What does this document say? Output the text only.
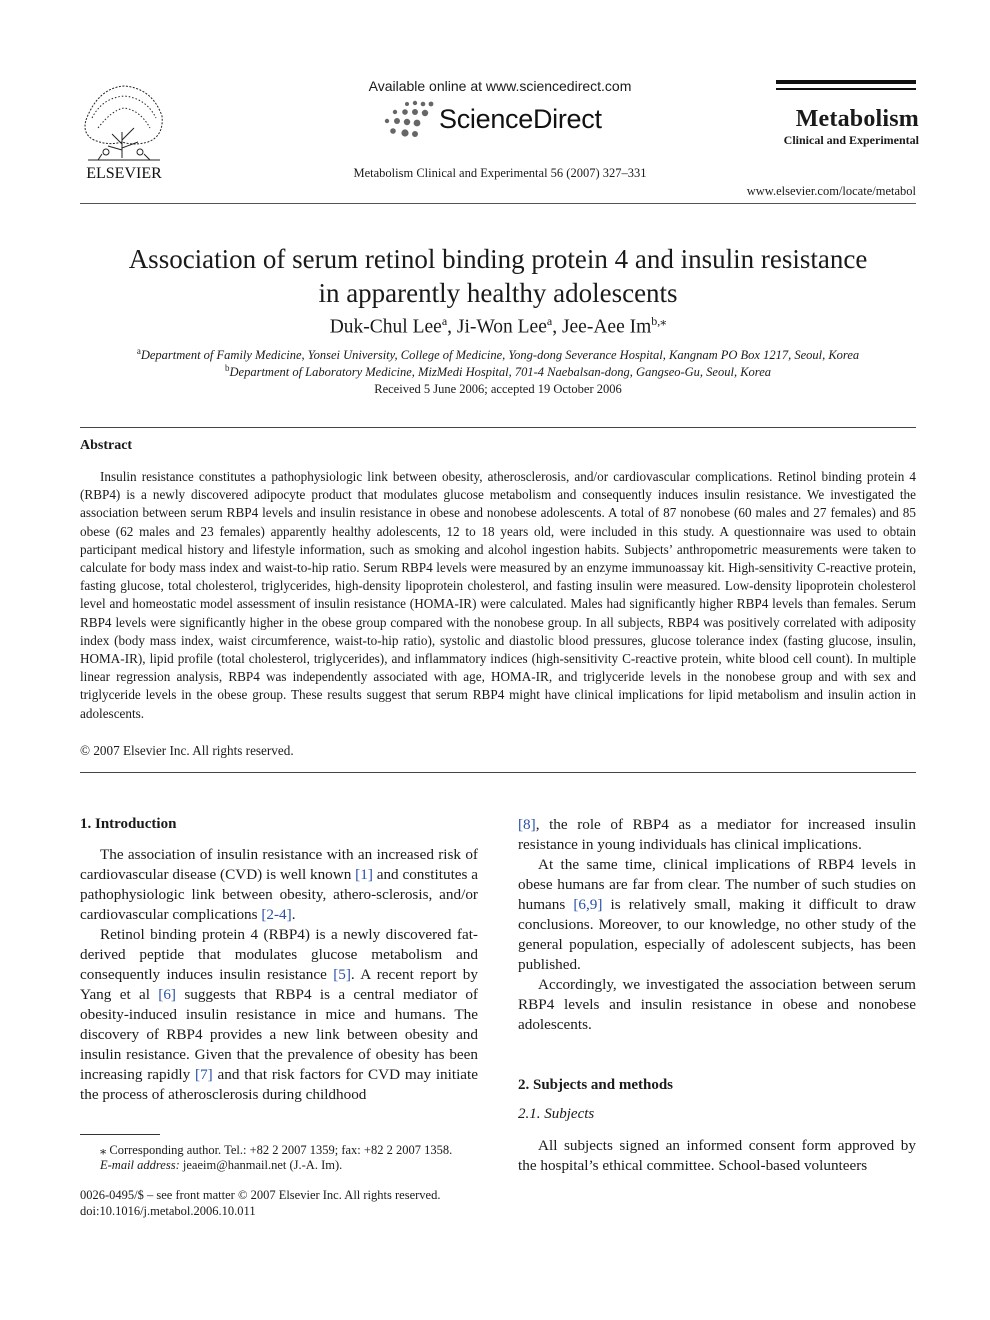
ELSEVIER
Available online at www.sciencedirect.com
ScienceDirect
Metabolism Clinical and Experimental 56 (2007) 327–331
Metabolism
Clinical and Experimental
www.elsevier.com/locate/metabol
Association of serum retinol binding protein 4 and insulin resistance
in apparently healthy adolescents
Duk-Chul Lee$^a$, Ji-Won Lee$^a$, Jee-Aee $Im^{b,⁎}$
$^a$Department of Family Medicine, Yonsei University, College of Medicine, Yong-dong Severance Hospital, Kangnam PO Box 1217, Seoul, Korea
$^b$Department of Laboratory Medicine, MizMedi Hospital, 701-4 Naebalsan-dong, Gangseo-Gu, Seoul, Korea
Received 5 June 2006; accepted 19 October 2006
Abstract

Insulin resistance constitutes a pathophysiologic link between obesity, atherosclerosis, and/or cardiovascular complications. Retinol binding protein 4 (RBP4) is a newly discovered adipocyte product that modulates glucose metabolism and consequently induces insulin resistance. We investigated the association between serum RBP4 levels and insulin resistance in obese and nonobese adolescents. A total of 87 nonobese (60 males and 27 females) and 85 obese (62 males and 23 females) apparently healthy adolescents, 12 to 18 years old, were included in this study. A questionnaire was used to obtain participant medical history and lifestyle information, such as smoking and alcohol ingestion habits. Subjects’ anthropometric measurements were taken to calculate for body mass index and waist-to-hip ratio. Serum RBP4 levels were measured by an enzyme immunoassay kit. High-sensitivity C-reactive protein, fasting glucose, total cholesterol, triglycerides, high-density lipoprotein cholesterol, and fasting insulin were measured. Low-density lipoprotein cholesterol level and homeostatic model assessment of insulin resistance (HOMA-IR) were calculated. Males had significantly higher RBP4 levels than females. Serum RBP4 levels were significantly higher in the obese group compared with the nonobese group. In all subjects, RBP4 was positively correlated with adiposity index (body mass index, waist circumference, waist-to-hip ratio), systolic and diastolic blood pressures, glucose tolerance index (fasting glucose, insulin, HOMA-IR), lipid profile (total cholesterol, triglycerides), and inflammatory indices (high-sensitivity C-reactive protein, white blood cell count). In multiple linear regression analysis, RBP4 was independently associated with age, HOMA-IR, and triglyceride levels in the nonobese group and with sex and triglyceride levels in the obese group. These results suggest that serum RBP4 might have clinical implications for lipid metabolism and insulin action in adolescents.

© 2007 Elsevier Inc. All rights reserved.
1. Introduction

The association of insulin resistance with an increased risk of cardiovascular disease (CVD) is well known [1] and constitutes a pathophysiologic link between obesity, athero-sclerosis, and/or cardiovascular complications [2-4].

Retinol binding protein 4 (RBP4) is a newly discovered fat-derived peptide that modulates glucose metabolism and consequently induces insulin resistance [5]. A recent report by Yang et al [6] suggests that RBP4 is a central mediator of obesity-induced insulin resistance in mice and humans. The discovery of RBP4 provides a new link between obesity and insulin resistance. Given that the prevalence of obesity has been increasing rapidly [7] and that risk factors for CVD may initiate the process of atherosclerosis during childhood

⁎ Corresponding author. Tel.: +82 2 2007 1359; fax: +82 2 2007 1358.
E-mail address: jeaeim@hanmail.net (J.-A. Im).
0026-0495/$ – see front matter © 2007 Elsevier Inc. All rights reserved.
doi:10.1016/j.metabol.2006.10.011

[8], the role of RBP4 as a mediator for increased insulin resistance in young individuals has clinical implications.

At the same time, clinical implications of RBP4 levels in obese humans are far from clear. The number of such studies on humans [6,9] is relatively small, making it difficult to draw conclusions. Moreover, to our knowledge, no other study of the general population, especially of adolescent subjects, has been published.

Accordingly, we investigated the association between serum RBP4 levels and insulin resistance in obese and nonobese adolescents.

2. Subjects and methods
2.1. Subjects

All subjects signed an informed consent form approved by the hospital’s ethical committee. School-based volunteers
